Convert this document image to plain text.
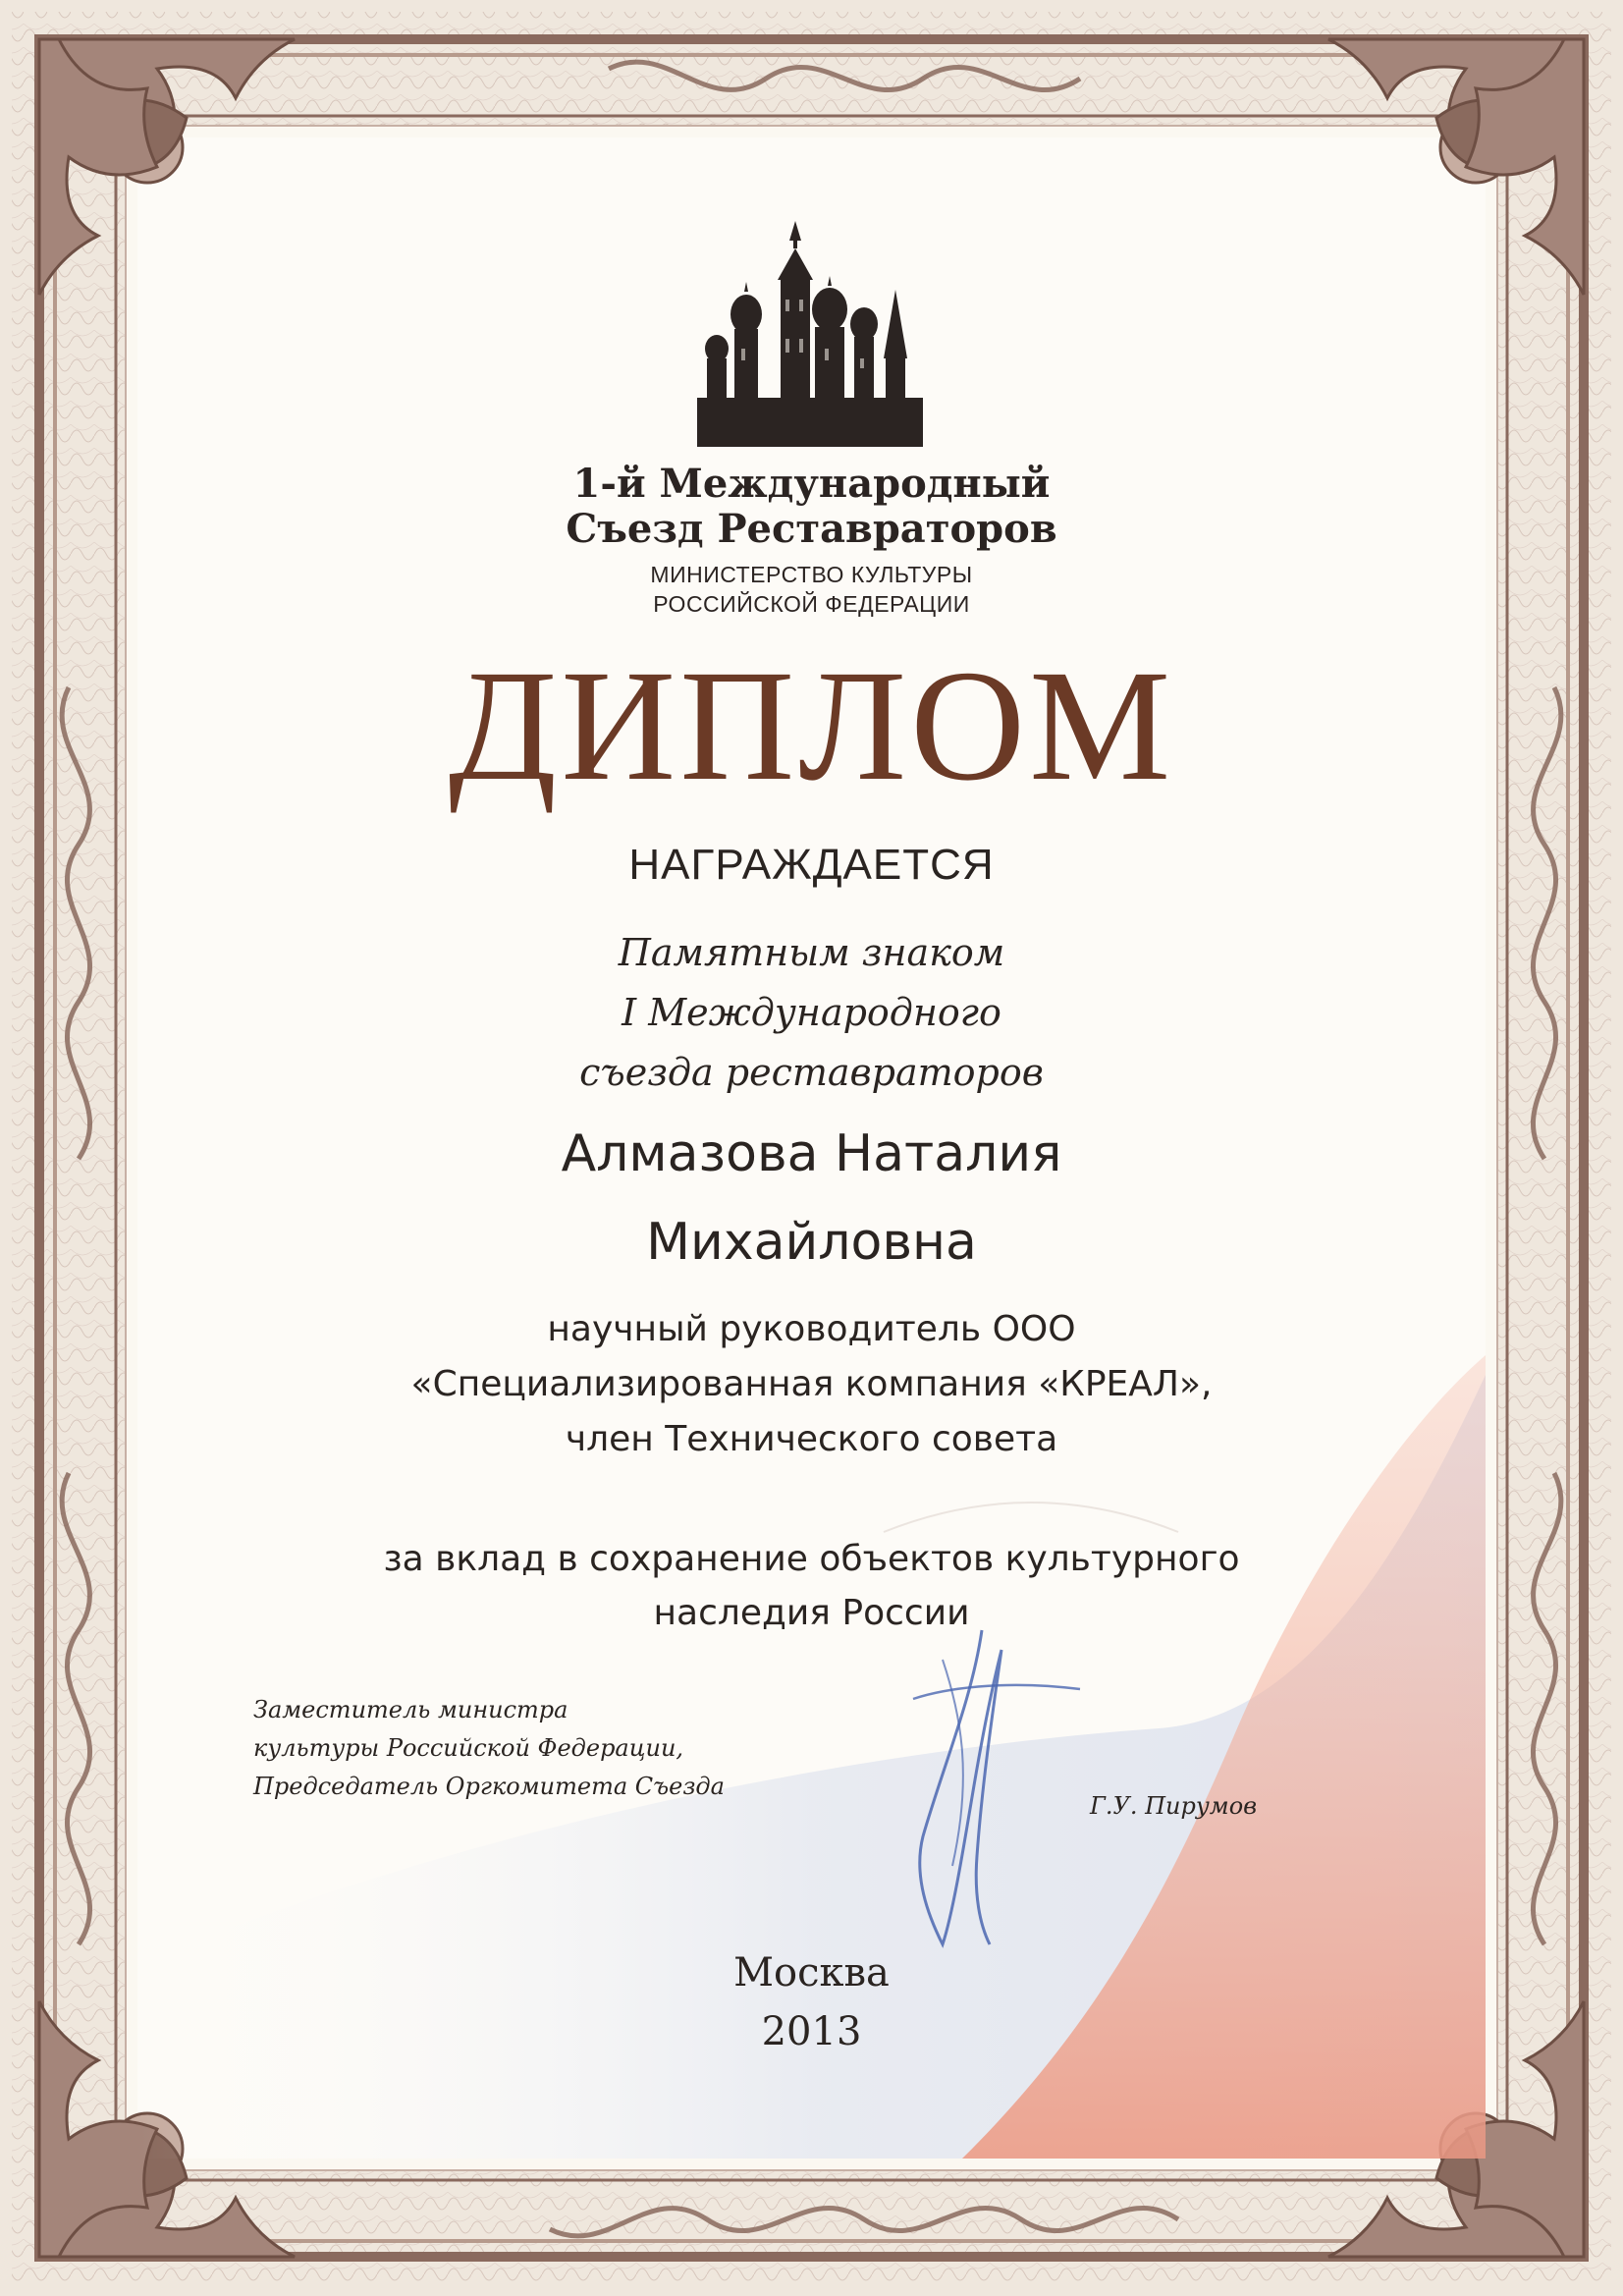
1-й Международный
Съезд Реставраторов
МИНИСТЕРСТВО КУЛЬТУРЫ
РОССИЙСКОЙ ФЕДЕРАЦИИ
ДИПЛОМ
НАГРАЖДАЕТСЯ
Памятным знаком
I Международного
съезда реставраторов
Алмазова Наталия
Михайловна
научный руководитель ООО
«Специализированная компания «КРЕАЛ»,
член Технического совета
за вклад в сохранение объектов культурного
наследия России
Заместитель министра
культуры Российской Федерации,
Председатель Оргкомитета Съезда
Г.У. Пирумов
Москва
2013
